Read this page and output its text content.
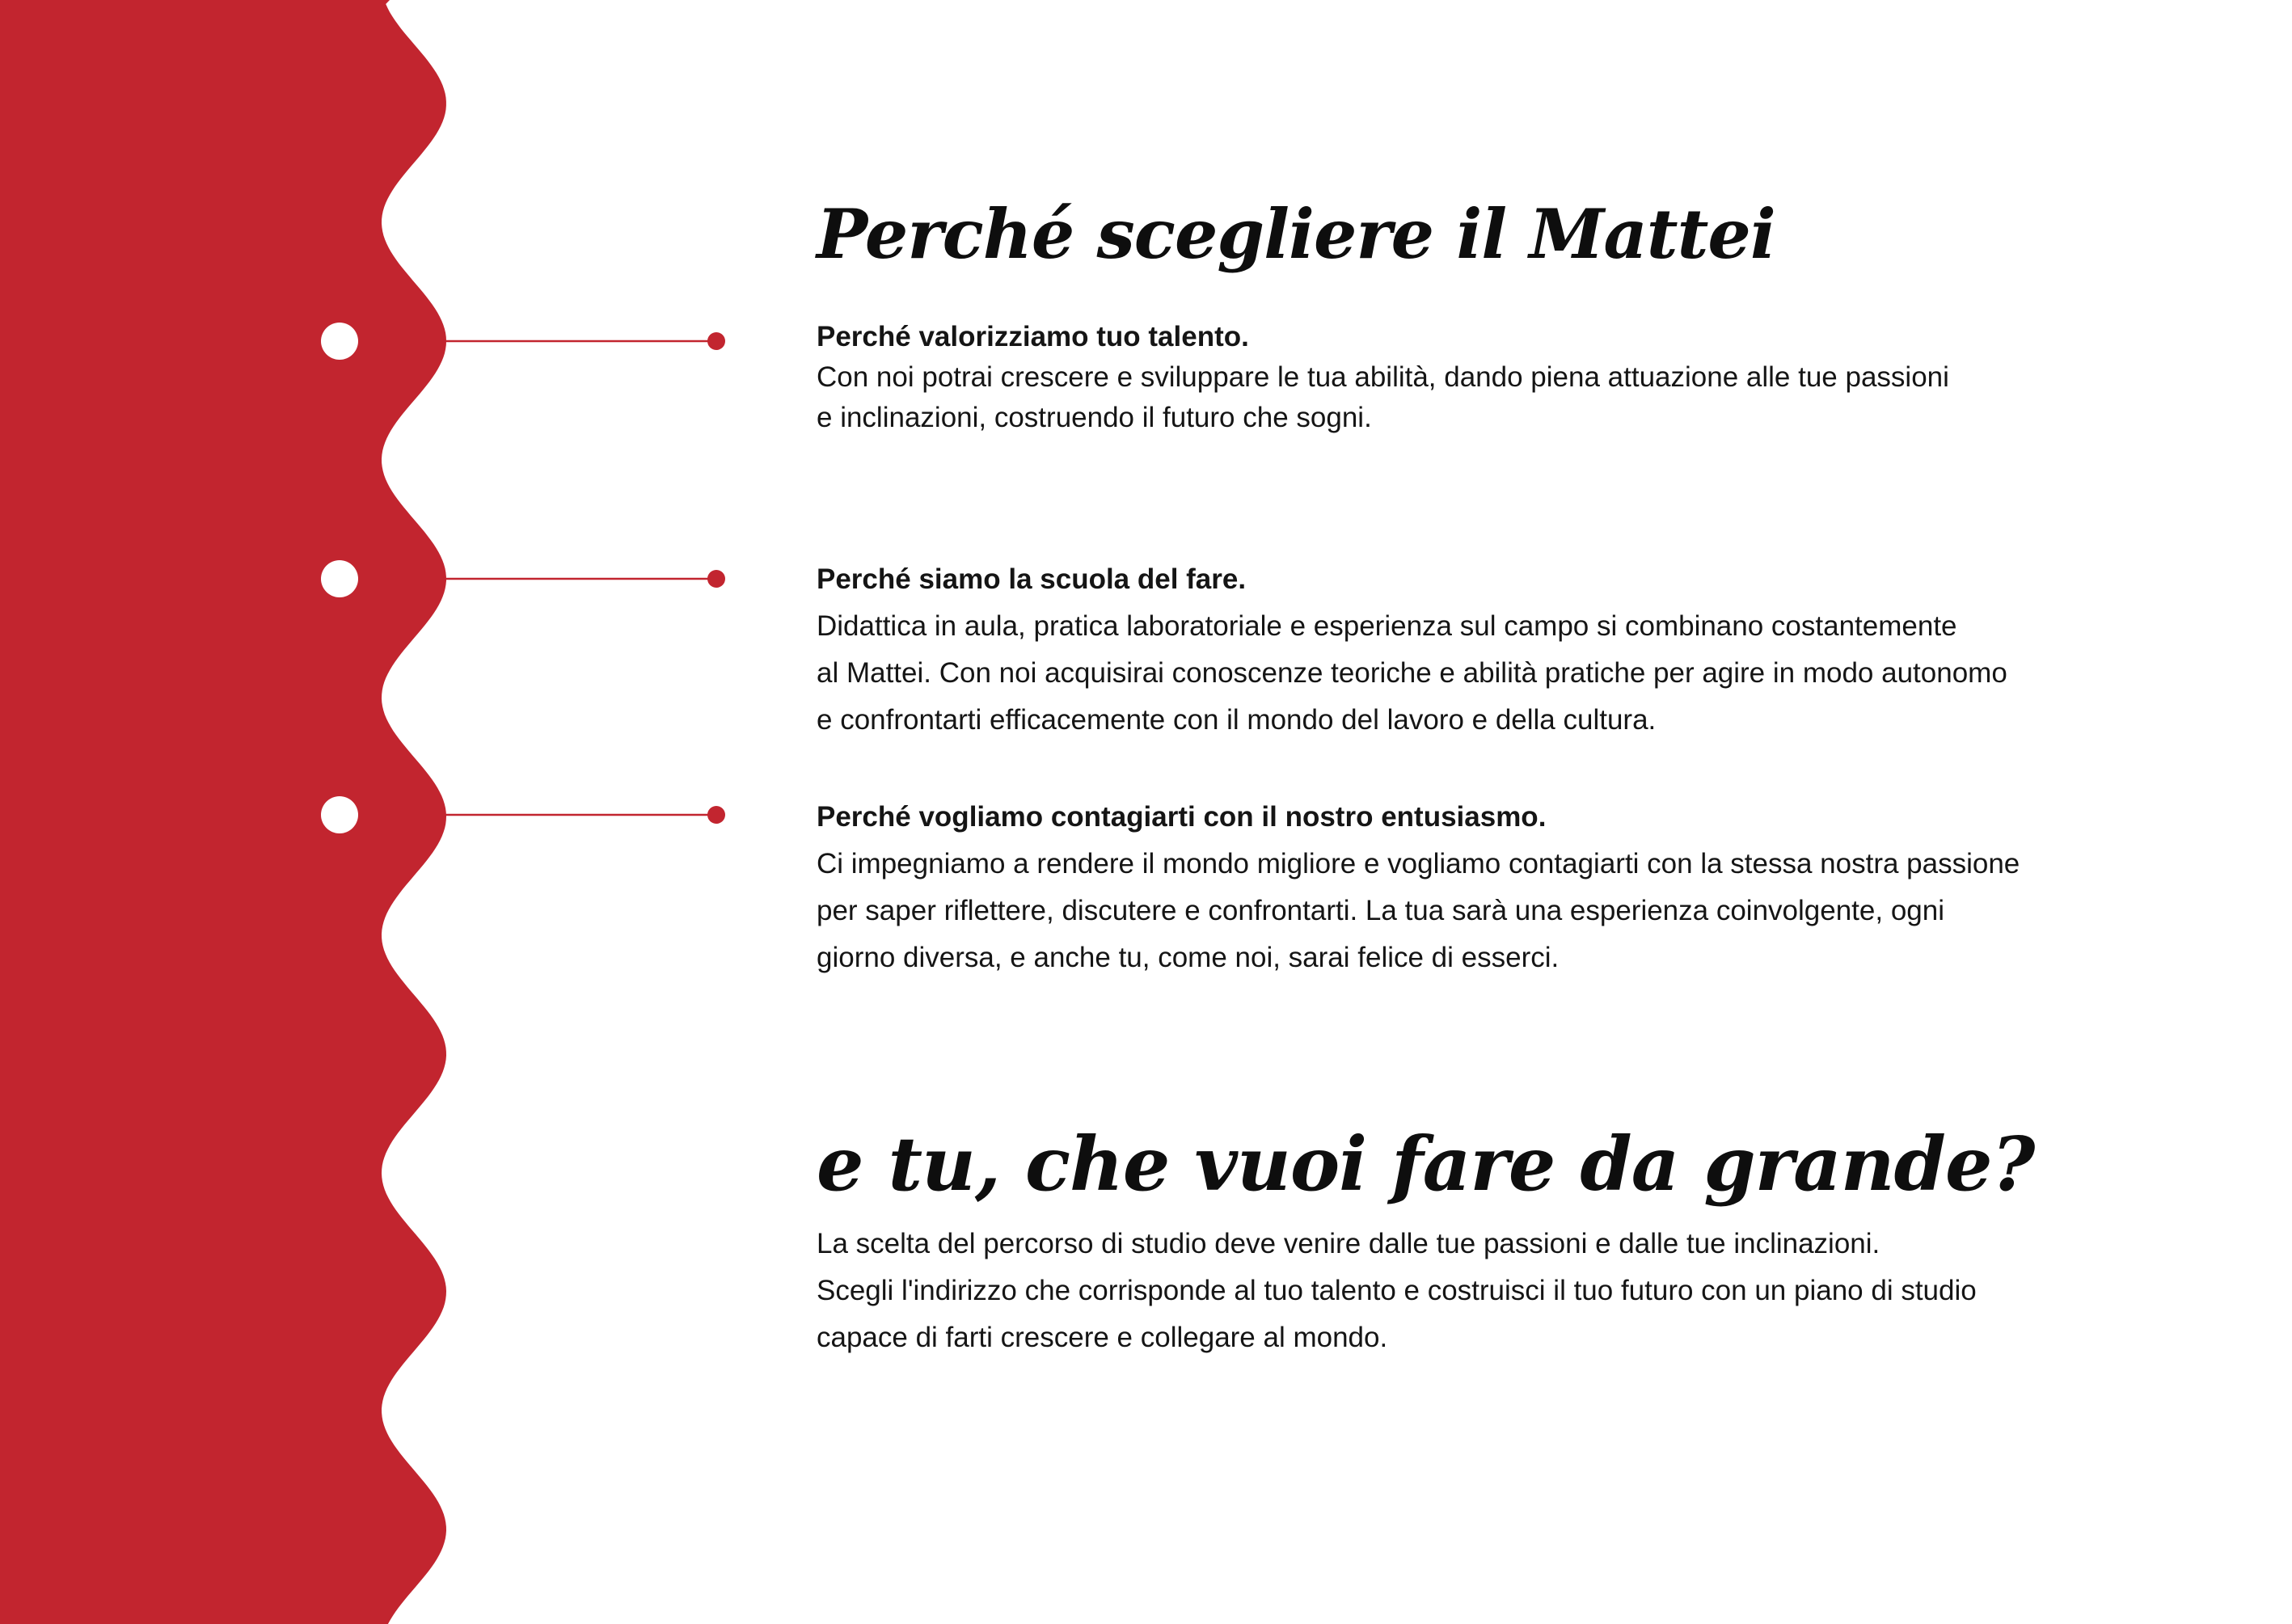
Perché scegliere il Mattei
Perché valorizziamo tuo talento.
Con noi potrai crescere e sviluppare le tua abilità, dando piena attuazione alle tue passioni
e inclinazioni, costruendo il futuro che sogni.
Perché siamo la scuola del fare.
Didattica in aula, pratica laboratoriale e esperienza sul campo si combinano costantemente
al Mattei. Con noi acquisirai conoscenze teoriche e abilità pratiche per agire in modo autonomo
e confrontarti efficacemente con il mondo del lavoro e della cultura.
Perché vogliamo contagiarti con il nostro entusiasmo.
Ci impegniamo a rendere il mondo migliore e vogliamo contagiarti con la stessa nostra passione
per saper riflettere, discutere e confrontarti. La tua sarà una esperienza coinvolgente, ogni
giorno diversa, e anche tu, come noi, sarai felice di esserci.
e tu, che vuoi fare da grande?
La scelta del percorso di studio deve venire dalle tue passioni e dalle tue inclinazioni.
Scegli l'indirizzo che corrisponde al tuo talento e costruisci il tuo futuro con un piano di studio
capace di farti crescere e collegare al mondo.
